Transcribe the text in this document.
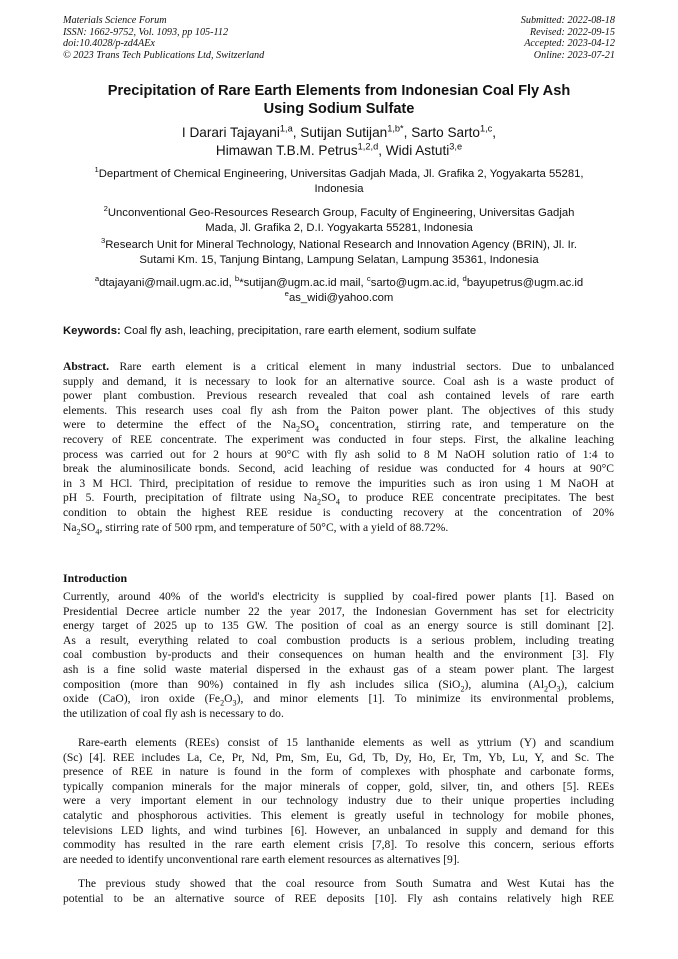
Materials Science Forum
ISSN: 1662-9752, Vol. 1093, pp 105-112
doi:10.4028/p-zd4AEx
© 2023 Trans Tech Publications Ltd, Switzerland
Submitted: 2022-08-18
Revised: 2022-09-15
Accepted: 2023-04-12
Online: 2023-07-21
Precipitation of Rare Earth Elements from Indonesian Coal Fly Ash
Using Sodium Sulfate
I Darari Tajayani$^{1,a}$, Sutijan Sutijan$^{1,b*}$, Sarto Sarto$^{1,c}$,
Himawan T.B.M. Petrus$^{1,2,d}$, Widi Astuti$^{3,e}$
$^1$Department of Chemical Engineering, Universitas Gadjah Mada, Jl. Grafika 2, Yogyakarta 55281,
Indonesia
$^2$Unconventional Geo-Resources Research Group, Faculty of Engineering, Universitas Gadjah
Mada, Jl. Grafika 2, D.I. Yogyakarta 55281, Indonesia
$^3$Research Unit for Mineral Technology, National Research and Innovation Agency (BRIN), Jl. Ir.
Sutami Km. 15, Tanjung Bintang, Lampung Selatan, Lampung 35361, Indonesia
$^a$dtajayani@mail.ugm.ac.id, $^b$*sutijan@ugm.ac.id mail, $^c$sarto@ugm.ac.id, $^d$bayupetrus@ugm.ac.id
$^e$as_widi@yahoo.com
Keywords: Coal fly ash, leaching, precipitation, rare earth element, sodium sulfate
Abstract. Rare earth element is a critical element in many industrial sectors. Due to unbalanced
supply and demand, it is necessary to look for an alternative source. Coal ash is a waste product of
power plant combustion. Previous research revealed that coal ash contained levels of rare earth
elements. This research uses coal fly ash from the Paiton power plant. The objectives of this study
were to determine the effect of the $Na_2SO_4$ concentration, stirring rate, and temperature on the
recovery of REE concentrate. The experiment was conducted in four steps. First, the alkaline leaching
process was carried out for 2 hours at 90°C with fly ash solid to 8 M NaOH solution ratio of 1:4 to
break the aluminosilicate bonds. Second, acid leaching of residue was conducted for 4 hours at 90°C
in 3 M HCl. Third, precipitation of residue to remove the impurities such as iron using 1 M NaOH at
pH 5. Fourth, precipitation of filtrate using $Na_2SO_4$ to produce REE concentrate precipitates. The best
condition to obtain the highest REE residue is conducting recovery at the concentration of 20%
$Na_2SO_4$, stirring rate of 500 rpm, and temperature of 50°C, with a yield of 88.72%.
Introduction
Currently, around 40% of the world's electricity is supplied by coal-fired power plants [1]. Based on
Presidential Decree article number 22 the year 2017, the Indonesian Government has set for electricity
energy target of 2025 up to 135 GW. The position of coal as an energy source is still dominant [2].
As a result, everything related to coal combustion products is a serious problem, including treating
coal combustion by-products and their consequences on human health and the environment [3]. Fly
ash is a fine solid waste material dispersed in the exhaust gas of a steam power plant. The largest
composition (more than 90%) contained in fly ash includes silica (SiO$_2$), alumina $(Al_2O_3)$, calcium
oxide (CaO), iron oxide $(Fe_2O_3)$, and minor elements [1]. To minimize its environmental problems,
the utilization of coal fly ash is necessary to do.
Rare-earth elements (REEs) consist of 15 lanthanide elements as well as yttrium (Y) and scandium
(Sc) [4]. REE includes La, Ce, Pr, Nd, Pm, Sm, Eu, Gd, Tb, Dy, Ho, Er, Tm, Yb, Lu, Y, and Sc. The
presence of REE in nature is found in the form of complexes with phosphate and carbonate forms,
typically companion minerals for the major minerals of copper, gold, silver, tin, and others [5]. REEs
were a very important element in our technology industry due to their unique properties including
catalytic and phosphorous activities. This element is greatly useful in technology for mobile phones,
televisions LED lights, and wind turbines [6]. However, an unbalanced in supply and demand for this
commodity has resulted in the rare earth element crisis [7,8]. To resolve this concern, serious efforts
are needed to identify unconventional rare earth element resources as alternatives [9].
The previous study showed that the coal resource from South Sumatra and West Kutai has the
potential to be an alternative source of REE deposits [10]. Fly ash contains relatively high REE
